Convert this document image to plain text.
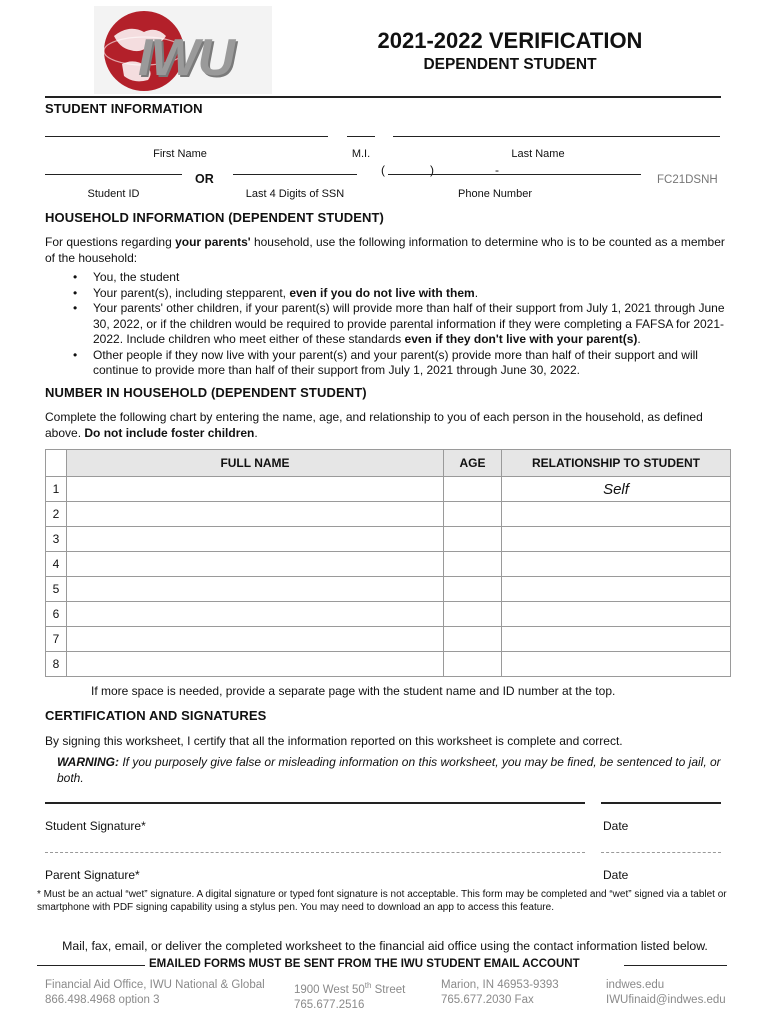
IWU	2021-2022 VERIFICATION
DEPENDENT STUDENT
STUDENT INFORMATION
First Name	M.I.	Last Name
OR
(	)	-
FC21DSNH
Student ID	Last 4 Digits of SSN	Phone Number
HOUSEHOLD INFORMATION (DEPENDENT STUDENT)
For questions regarding your parents' household, use the following information to determine who is to be counted as a member of the household:
• You, the student
• Your parent(s), including stepparent, even if you do not live with them.
• Your parents' other children, if your parent(s) will provide more than half of their support from July 1, 2021 through June 30, 2022, or if the children would be required to provide parental information if they were completing a FAFSA for 2021-2022. Include children who meet either of these standards even if they don't live with your parent(s).
• Other people if they now live with your parent(s) and your parent(s) provide more than half of their support and will continue to provide more than half of their support from July 1, 2021 through June 30, 2022.
NUMBER IN HOUSEHOLD (DEPENDENT STUDENT)
Complete the following chart by entering the name, age, and relationship to you of each person in the household, as defined above. Do not include foster children.
	FULL NAME	AGE	RELATIONSHIP TO STUDENT
1			Self
2			
3			
4			
5			
6			
7			
8			
If more space is needed, provide a separate page with the student name and ID number at the top.
CERTIFICATION AND SIGNATURES
By signing this worksheet, I certify that all the information reported on this worksheet is complete and correct.
WARNING: If you purposely give false or misleading information on this worksheet, you may be fined, be sentenced to jail, or both.
Student Signature*	Date
Parent Signature*	Date
* Must be an actual “wet” signature. A digital signature or typed font signature is not acceptable. This form may be completed and “wet” signed via a tablet or smartphone with PDF signing capability using a stylus pen. You may need to download an app to access this feature.
Mail, fax, email, or deliver the completed worksheet to the financial aid office using the contact information listed below.
EMAILED FORMS MUST BE SENT FROM THE IWU STUDENT EMAIL ACCOUNT
Financial Aid Office, IWU National & Global
866.498.4968 option 3
1900 West 50th Street
765.677.2516
Marion, IN 46953-9393
765.677.2030 Fax
indwes.edu
IWUfinaid@indwes.edu
